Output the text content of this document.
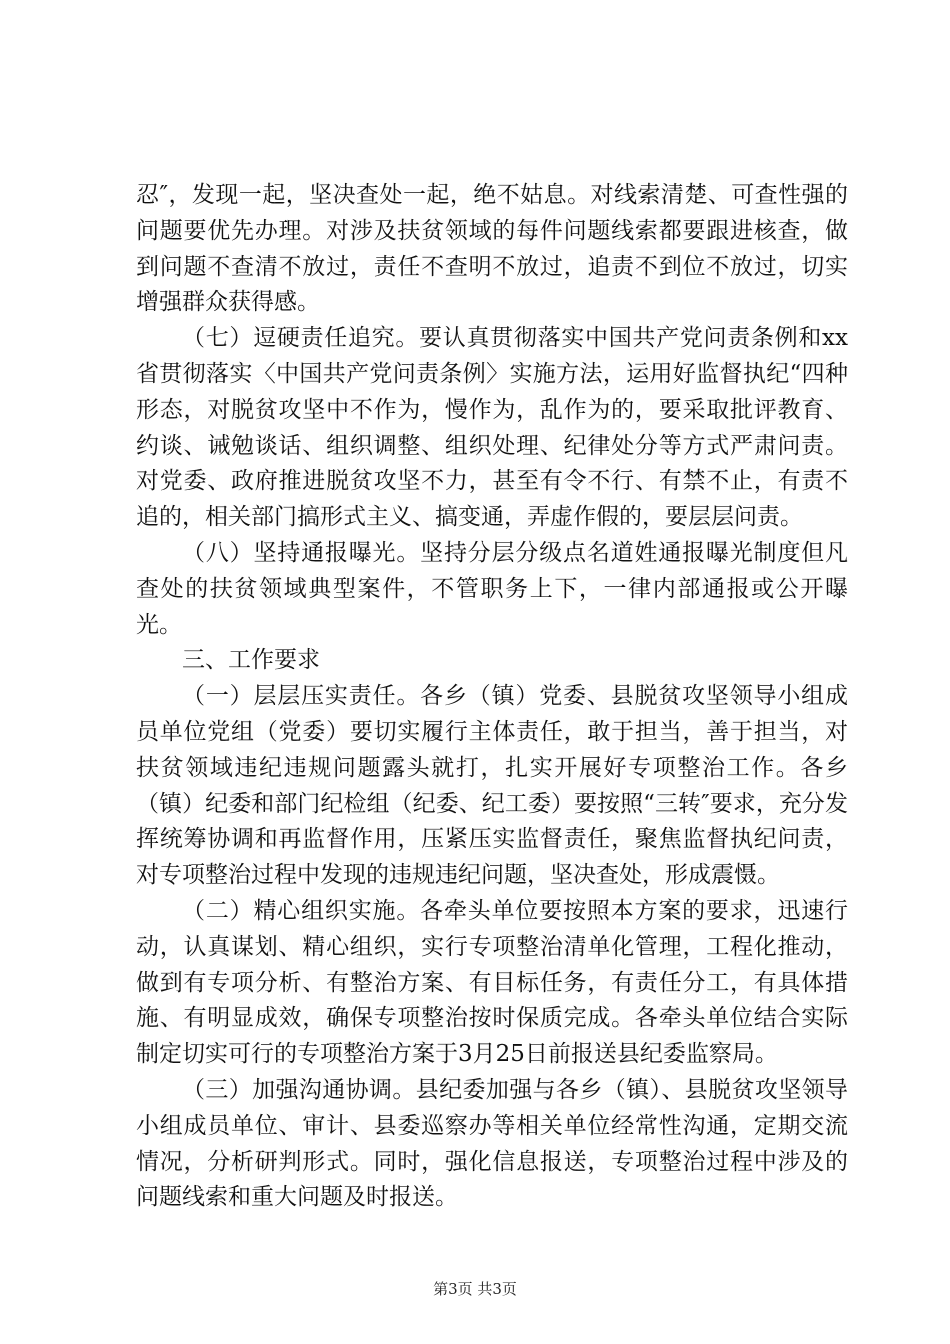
忍″，发现一起，坚决查处一起，绝不姑息。对线索清楚、可查性强的问题要优先办理。对涉及扶贫领域的每件问题线索都要跟进核查，做到问题不查清不放过，责任不查明不放过，追责不到位不放过，切实增强群众获得感。

（七）逗硬责任追究。要认真贯彻落实中国共产党问责条例和xx省贯彻落实〈中国共产党问责条例〉实施方法，运用好监督执纪“四种形态，对脱贫攻坚中不作为，慢作为，乱作为的，要采取批评教育、约谈、诫勉谈话、组织调整、组织处理、纪律处分等方式严肃问责。对党委、政府推进脱贫攻坚不力，甚至有令不行、有禁不止，有责不追的，相关部门搞形式主义、搞变通，弄虚作假的，要层层问责。

（八）坚持通报曝光。坚持分层分级点名道姓通报曝光制度但凡查处的扶贫领域典型案件，不管职务上下，一律内部通报或公开曝光。

三、工作要求

（一）层层压实责任。各乡（镇）党委、县脱贫攻坚领导小组成员单位党组（党委）要切实履行主体责任，敢于担当，善于担当，对扶贫领域违纪违规问题露头就打，扎实开展好专项整治工作。各乡（镇）纪委和部门纪检组（纪委、纪工委）要按照“三转″要求，充分发挥统筹协调和再监督作用，压紧压实监督责任，聚焦监督执纪问责，对专项整治过程中发现的违规违纪问题，坚决查处，形成震慑。

（二）精心组织实施。各牵头单位要按照本方案的要求，迅速行动，认真谋划、精心组织，实行专项整治清单化管理，工程化推动，做到有专项分析、有整治方案、有目标任务，有责任分工，有具体措施、有明显成效，确保专项整治按时保质完成。各牵头单位结合实际制定切实可行的专项整治方案于3月25日前报送县纪委监察局。

（三）加强沟通协调。县纪委加强与各乡（镇）、县脱贫攻坚领导小组成员单位、审计、县委巡察办等相关单位经常性沟通，定期交流情况，分析研判形式。同时，强化信息报送，专项整治过程中涉及的问题线索和重大问题及时报送。

第3页 共3页
